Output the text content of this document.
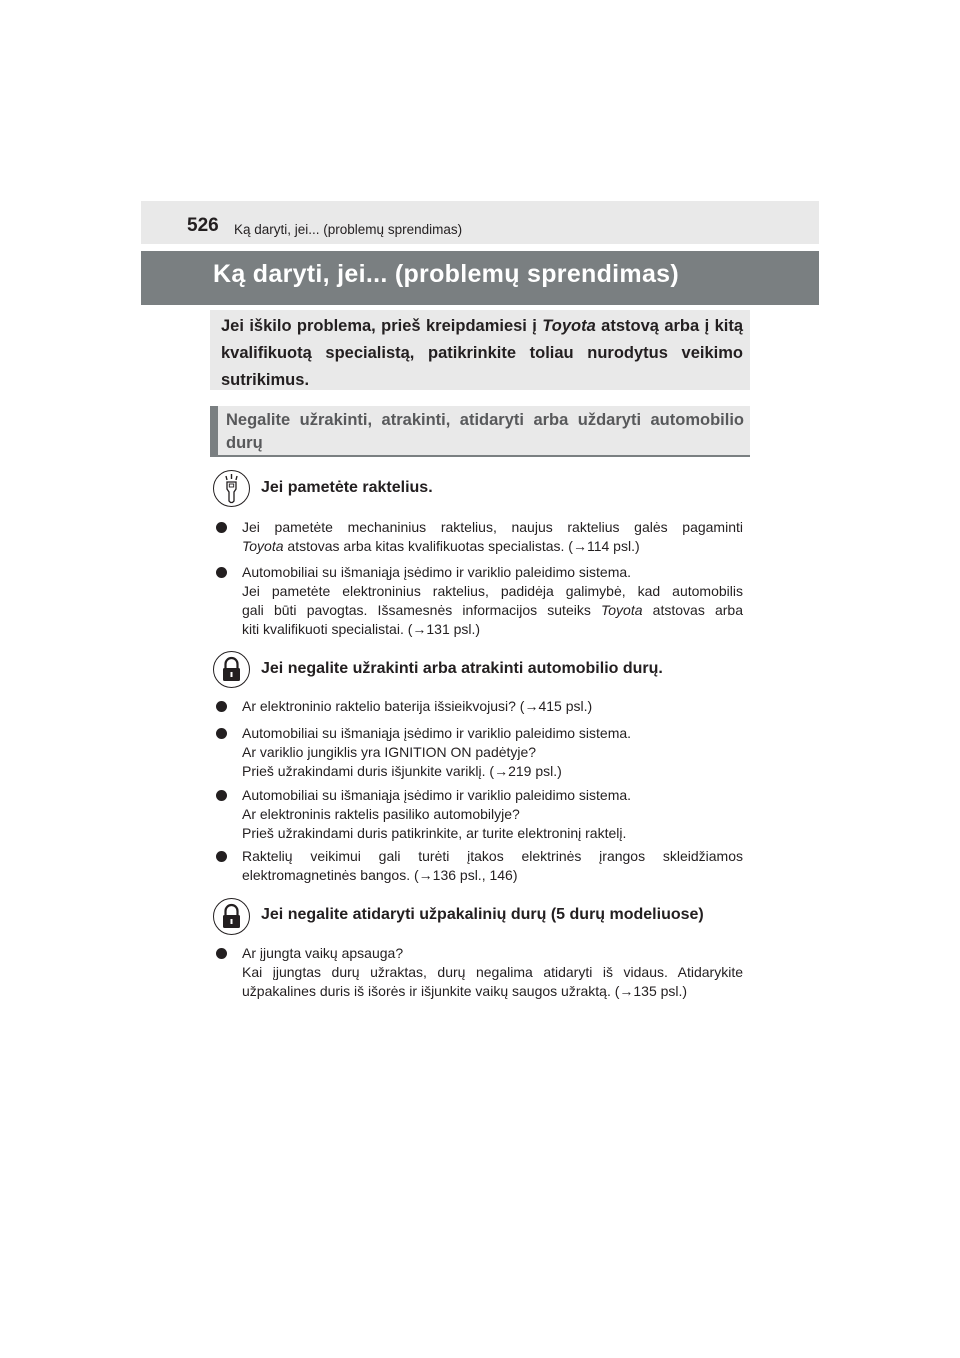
526 Ką daryti, jei... (problemų sprendimas)
Ką daryti, jei... (problemų sprendimas)
Jei iškilo problema, prieš kreipdamiesi į Toyota atstovą arba į kitą kvalifikuotą specialistą, patikrinkite toliau nurodytus veikimo sutrikimus.
Negalite užrakinti, atrakinti, atidaryti arba uždaryti automobilio durų
Jei pametėte raktelius.
Jei pametėte mechaninius raktelius, naujus raktelius galės pagaminti
Toyota atstovas arba kitas kvalifikuotas specialistas. (→114 psl.)
Automobiliai su išmaniąja įsėdimo ir variklio paleidimo sistema.
Jei pametėte elektroninius raktelius, padidėja galimybė, kad automobilis
gali būti pavogtas. Išsamesnės informacijos suteiks Toyota atstovas arba
kiti kvalifikuoti specialistai. (→131 psl.)
Jei negalite užrakinti arba atrakinti automobilio durų.
Ar elektroninio raktelio baterija išsieikvojusi? (→415 psl.)
Automobiliai su išmaniąja įsėdimo ir variklio paleidimo sistema.
Ar variklio jungiklis yra IGNITION ON padėtyje?
Prieš užrakindami duris išjunkite variklį. (→219 psl.)
Automobiliai su išmaniąja įsėdimo ir variklio paleidimo sistema.
Ar elektroninis raktelis pasiliko automobilyje?
Prieš užrakindami duris patikrinkite, ar turite elektroninį raktelį.
Raktelių veikimui gali turėti įtakos elektrinės įrangos skleidžiamos
elektromagnetinės bangos. (→136 psl., 146)
Jei negalite atidaryti užpakalinių durų (5 durų modeliuose)
Ar įjungta vaikų apsauga?
Kai įjungtas durų užraktas, durų negalima atidaryti iš vidaus. Atidarykite
užpakalines duris iš išorės ir išjunkite vaikų saugos užraktą. (→135 psl.)
